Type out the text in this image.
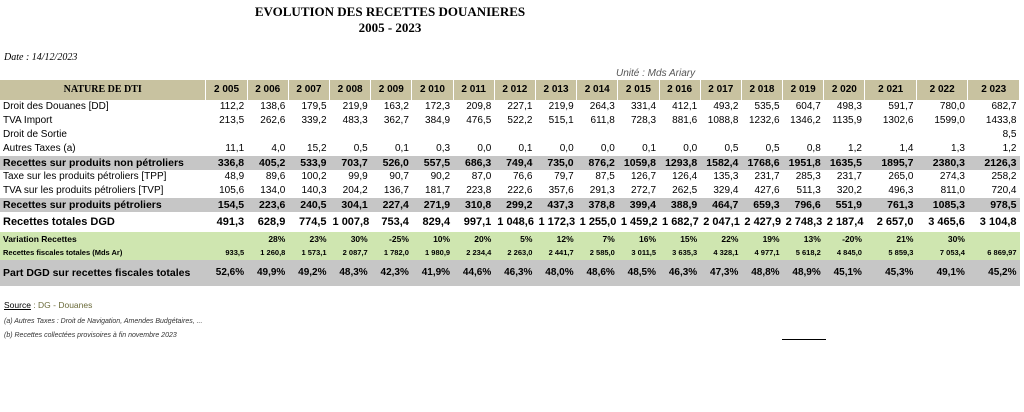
EVOLUTION DES RECETTES DOUANIERES
2005 - 2023
Date : 14/12/2023
Unité : Mds Ariary
NATURE DE DTI	2 005	2 006	2 007	2 008	2 009	2 010	2 011	2 012	2 013	2 014	2 015	2 016	2 017	2 018	2 019	2 020	2 021	2 022	2 023
Droit des Douanes [DD]	112,2	138,6	179,5	219,9	163,2	172,3	209,8	227,1	219,9	264,3	331,4	412,1	493,2	535,5	604,7	498,3	591,7	780,0	682,7
TVA Import	213,5	262,6	339,2	483,3	362,7	384,9	476,5	522,2	515,1	611,8	728,3	881,6	1088,8	1232,6	1346,2	1135,9	1302,6	1599,0	1433,8
Droit de Sortie																			8,5
Autres Taxes (a)	11,1	4,0	15,2	0,5	0,1	0,3	0,0	0,1	0,0	0,0	0,1	0,0	0,5	0,5	0,8	1,2	1,4	1,3	1,2
Recettes sur produits non pétroliers	336,8	405,2	533,9	703,7	526,0	557,5	686,3	749,4	735,0	876,2	1059,8	1293,8	1582,4	1768,6	1951,8	1635,5	1895,7	2380,3	2126,3
Taxe sur les produits pétroliers [TPP]	48,9	89,6	100,2	99,9	90,7	90,2	87,0	76,6	79,7	87,5	126,7	126,4	135,3	231,7	285,3	231,7	265,0	274,3	258,2
TVA sur les produits pétroliers [TVP]	105,6	134,0	140,3	204,2	136,7	181,7	223,8	222,6	357,6	291,3	272,7	262,5	329,4	427,6	511,3	320,2	496,3	811,0	720,4
Recettes sur produits pétroliers	154,5	223,6	240,5	304,1	227,4	271,9	310,8	299,2	437,3	378,8	399,4	388,9	464,7	659,3	796,6	551,9	761,3	1085,3	978,5
Recettes totales DGD	491,3	628,9	774,5	1 007,8	753,4	829,4	997,1	1 048,6	1 172,3	1 255,0	1 459,2	1 682,7	2 047,1	2 427,9	2 748,3	2 187,4	2 657,0	3 465,6	3 104,8
Variation Recettes		28%	23%	30%	-25%	10%	20%	5%	12%	7%	16%	15%	22%	19%	13%	-20%	21%	30%	
Recettes fiscales totales (Mds Ar)	933,5	1 260,8	1 573,1	2 087,7	1 782,0	1 980,9	2 234,4	2 263,0	2 441,7	2 585,0	3 011,5	3 635,3	4 328,1	4 977,1	5 618,2	4 845,0	5 859,3	7 053,4	6 869,97
Part DGD sur recettes fiscales totales	52,6%	49,9%	49,2%	48,3%	42,3%	41,9%	44,6%	46,3%	48,0%	48,6%	48,5%	46,3%	47,3%	48,8%	48,9%	45,1%	45,3%	49,1%	45,2%
Source : DG - Douanes
(a) Autres Taxes : Droit de Navigation, Amendes Budgétaires, ...
(b) Recettes collectées provisoires à fin novembre 2023
